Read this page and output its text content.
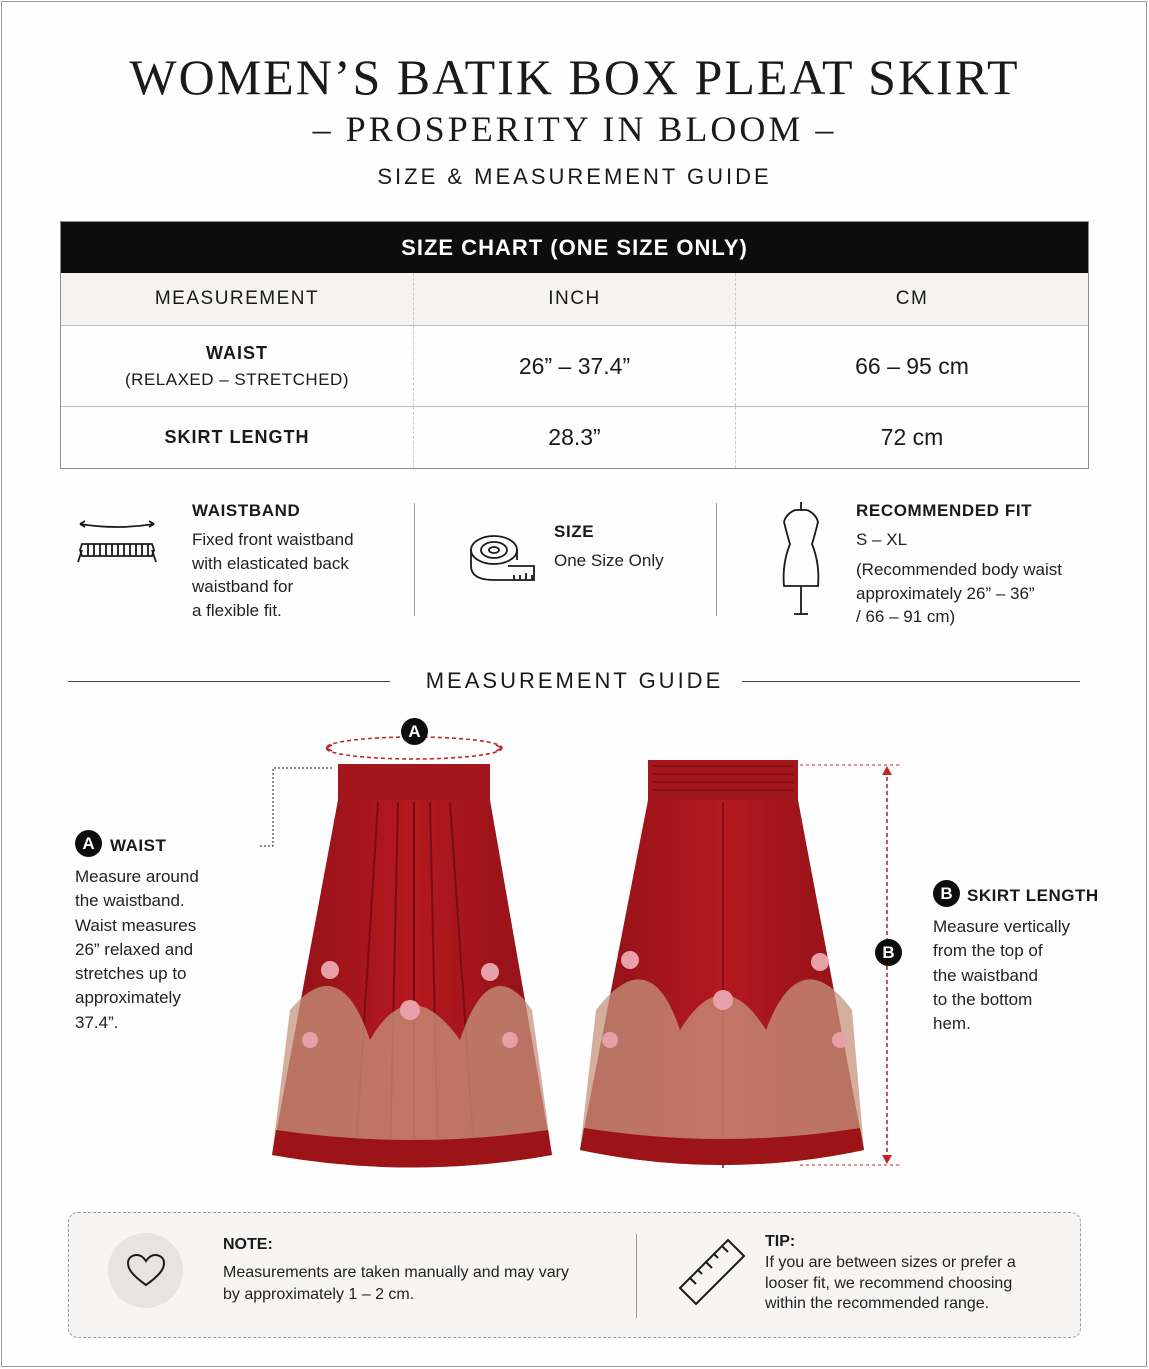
WOMEN’S BATIK BOX PLEAT SKIRT
– PROSPERITY IN BLOOM –
SIZE & MEASUREMENT GUIDE
SIZE CHART (ONE SIZE ONLY)
MEASUREMENT	INCH	CM
WAIST
(RELAXED – STRETCHED)
26” – 37.4”	66 – 95 cm
SKIRT LENGTH	28.3”	72 cm
WAISTBAND
Fixed front waistband
with elasticated back
waistband for
a flexible fit.
SIZE
One Size Only
RECOMMENDED FIT
S – XL
(Recommended body waist
approximately 26” – 36”
/ 66 – 91 cm)
MEASUREMENT GUIDE
A
B
A WAIST
Measure around
the waistband.
Waist measures
26” relaxed and
stretches up to
approximately
37.4”.
B SKIRT LENGTH
Measure vertically
from the top of
the waistband
to the bottom
hem.
NOTE:
Measurements are taken manually and may vary
by approximately 1 – 2 cm.
TIP:
If you are between sizes or prefer a
looser fit, we recommend choosing
within the recommended range.
